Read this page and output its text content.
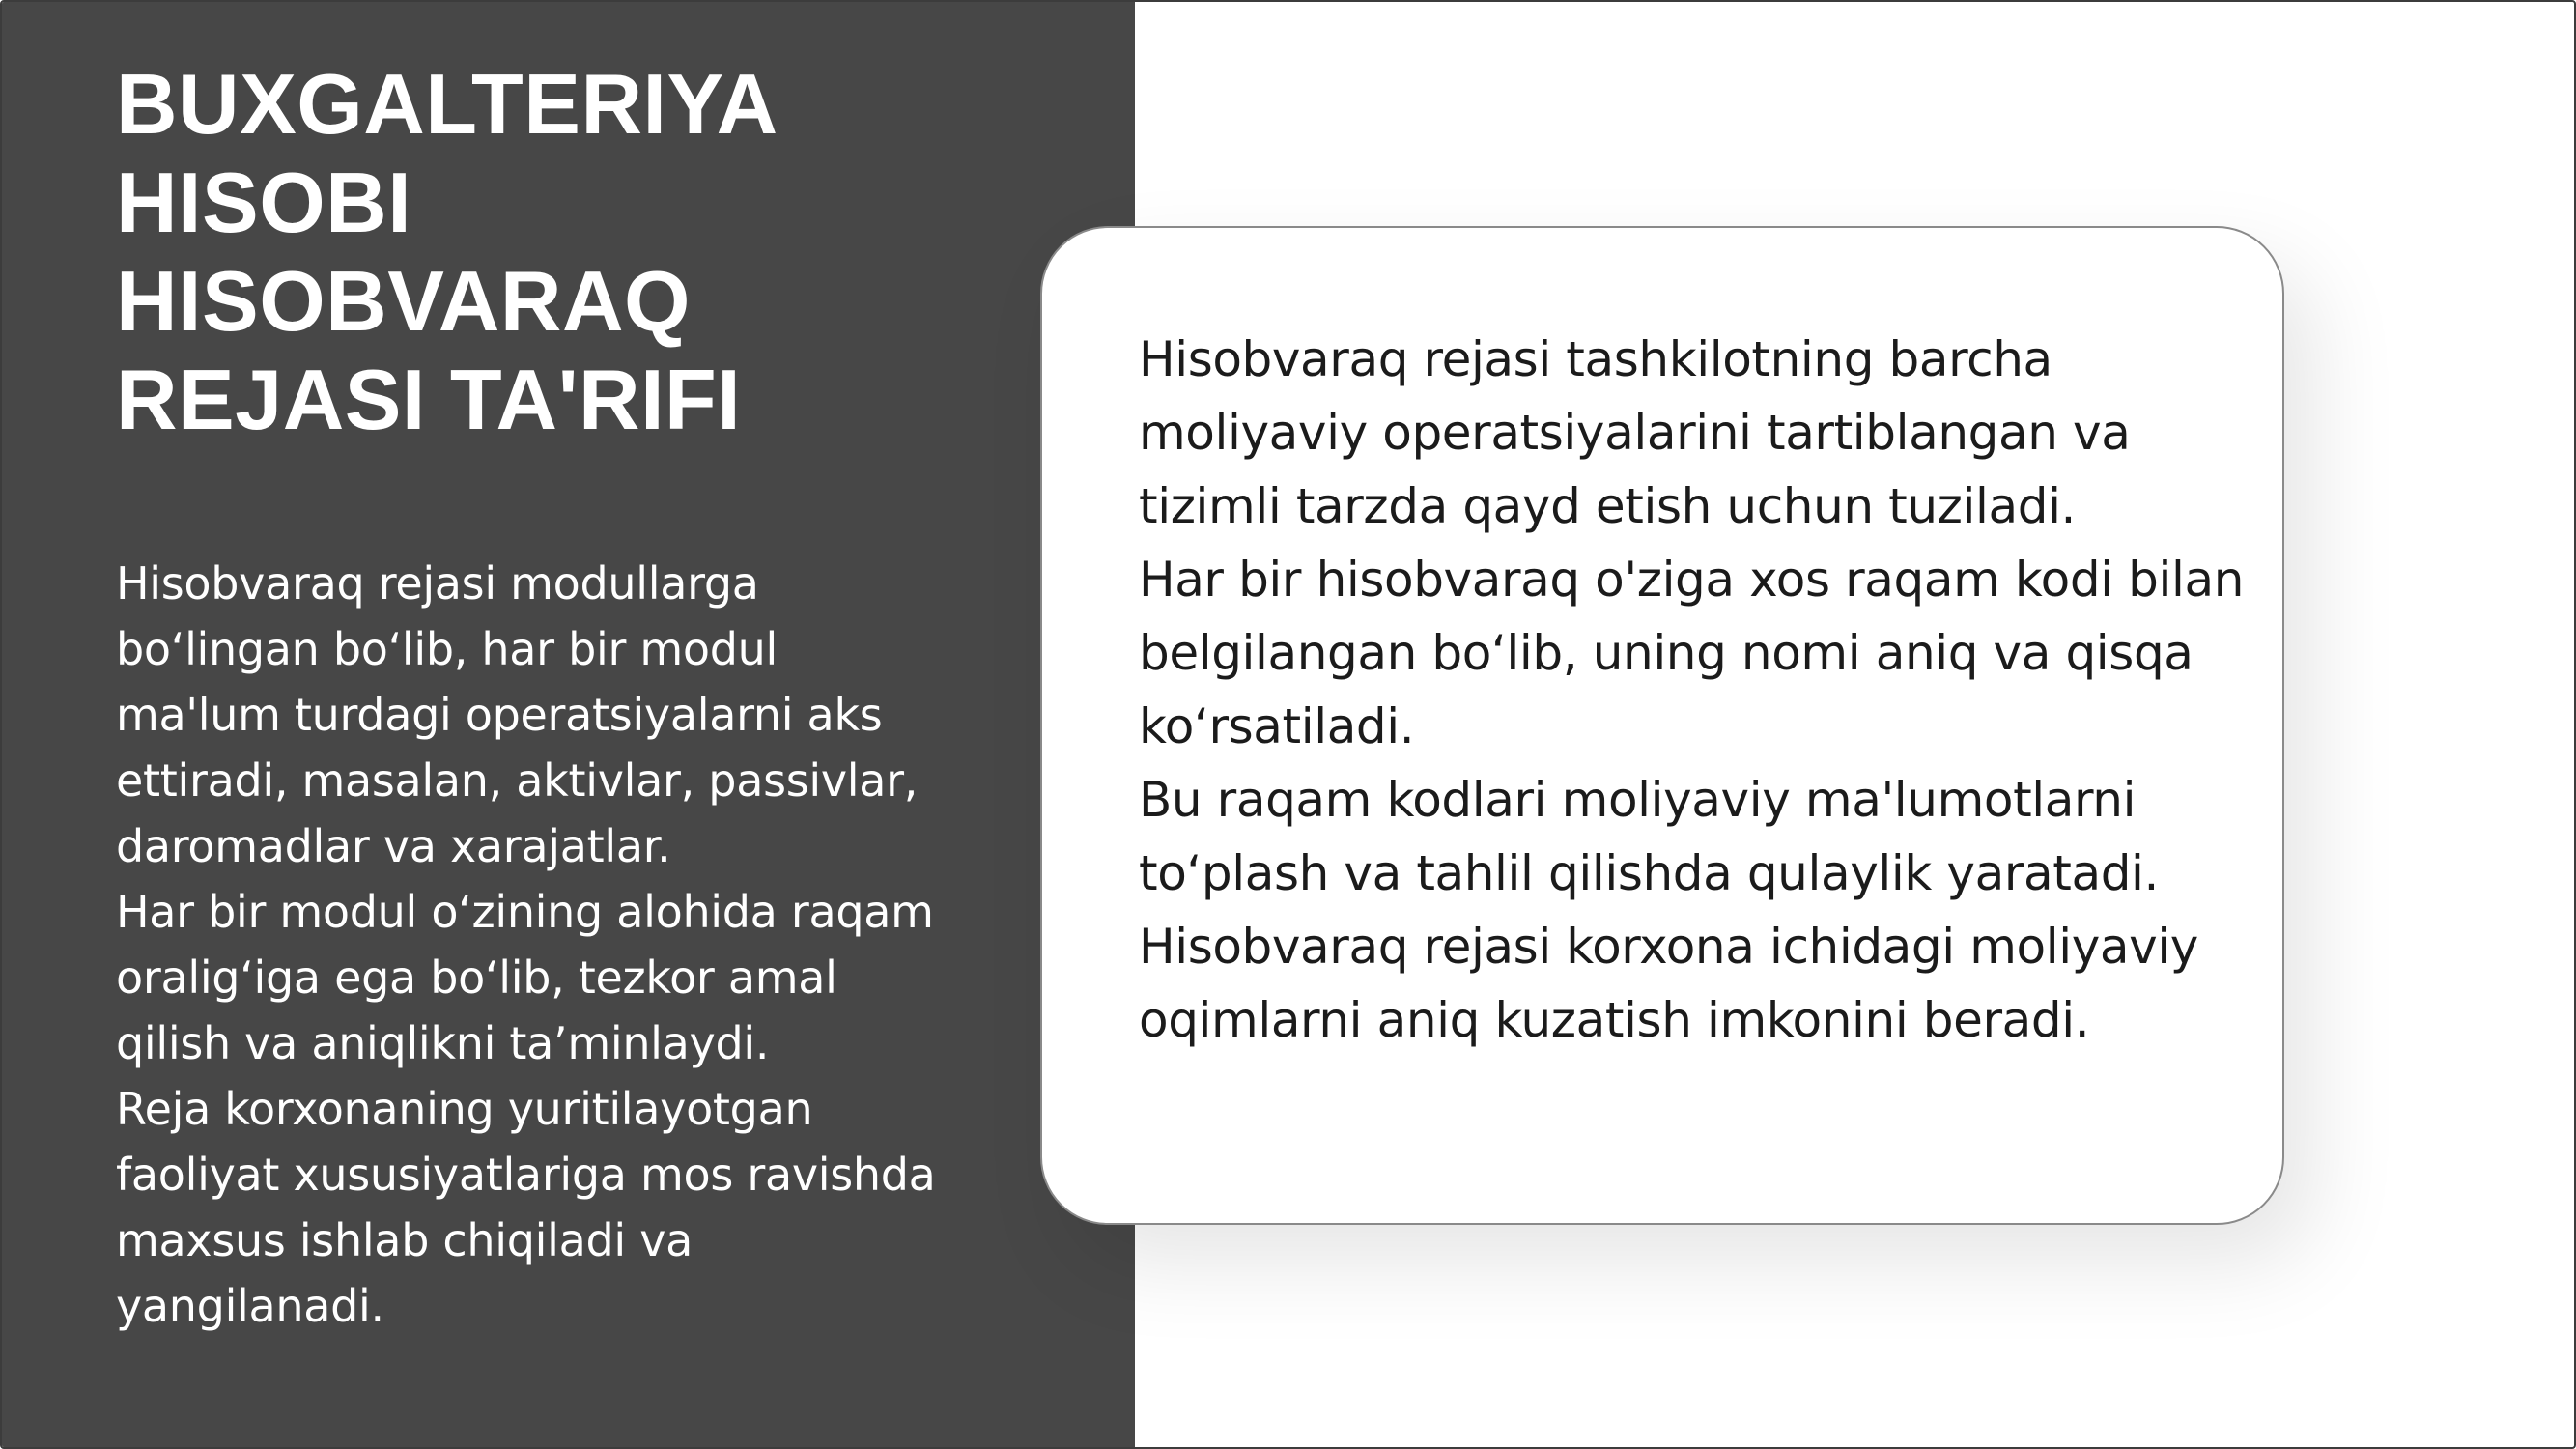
BUXGALTERIYA
HISOBI
HISOBVARAQ
REJASI TA'RIFI

Hisobvaraq rejasi modullarga bo‘lingan bo‘lib, har bir modul ma'lum turdagi operatsiyalarni aks ettiradi, masalan, aktivlar, passivlar, daromadlar va xarajatlar.

Har bir modul o‘zining alohida raqam oralig‘iga ega bo‘lib, tezkor amal qilish va aniqlikni ta’minlaydi.

Reja korxonaning yuritilayotgan faoliyat xususiyatlariga mos ravishda maxsus ishlab chiqiladi va yangilanadi.

Hisobvaraq rejasi tashkilotning barcha moliyaviy operatsiyalarini tartiblangan va tizimli tarzda qayd etish uchun tuziladi.

Har bir hisobvaraq o'ziga xos raqam kodi bilan belgilangan bo‘lib, uning nomi aniq va qisqa ko‘rsatiladi.

Bu raqam kodlari moliyaviy ma'lumotlarni to‘plash va tahlil qilishda qulaylik yaratadi.

Hisobvaraq rejasi korxona ichidagi moliyaviy oqimlarni aniq kuzatish imkonini beradi.
